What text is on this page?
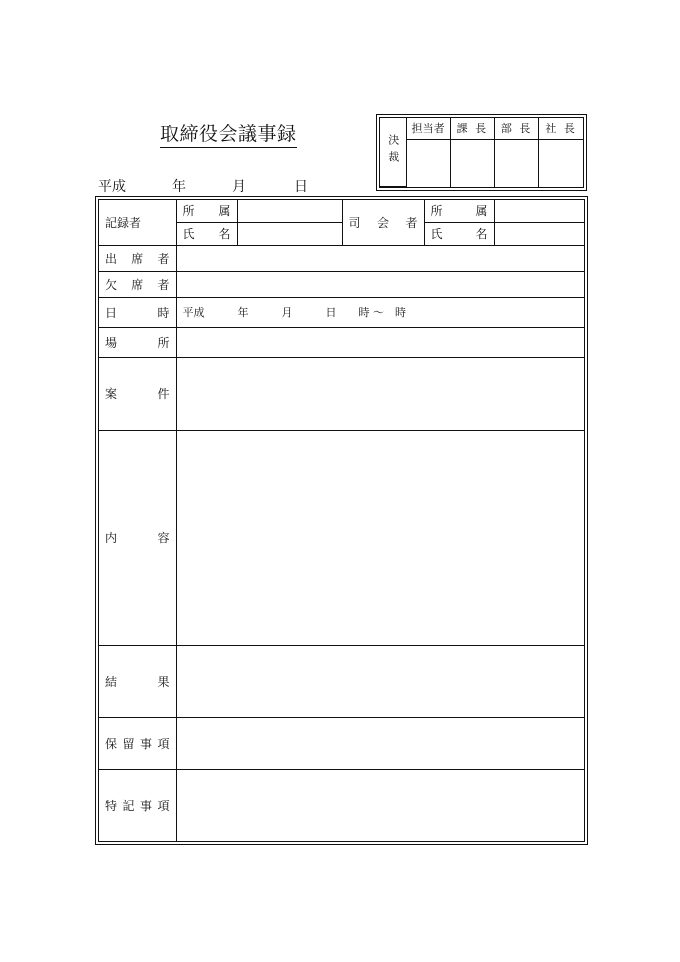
取締役会議事録
平成	年	月	日
決裁	担当者	課 長	部 長	社 長

記 録 者	所 属		司 会 者	所 属	

	氏 名			氏 名	

出 席 者					

欠 席 者					

日 時	平成　　　年　　　月　　　日　　時 ～　時				

場 所					

案 件					

内 容					

結 果					

保 留 事 項					

特 記 事 項					
